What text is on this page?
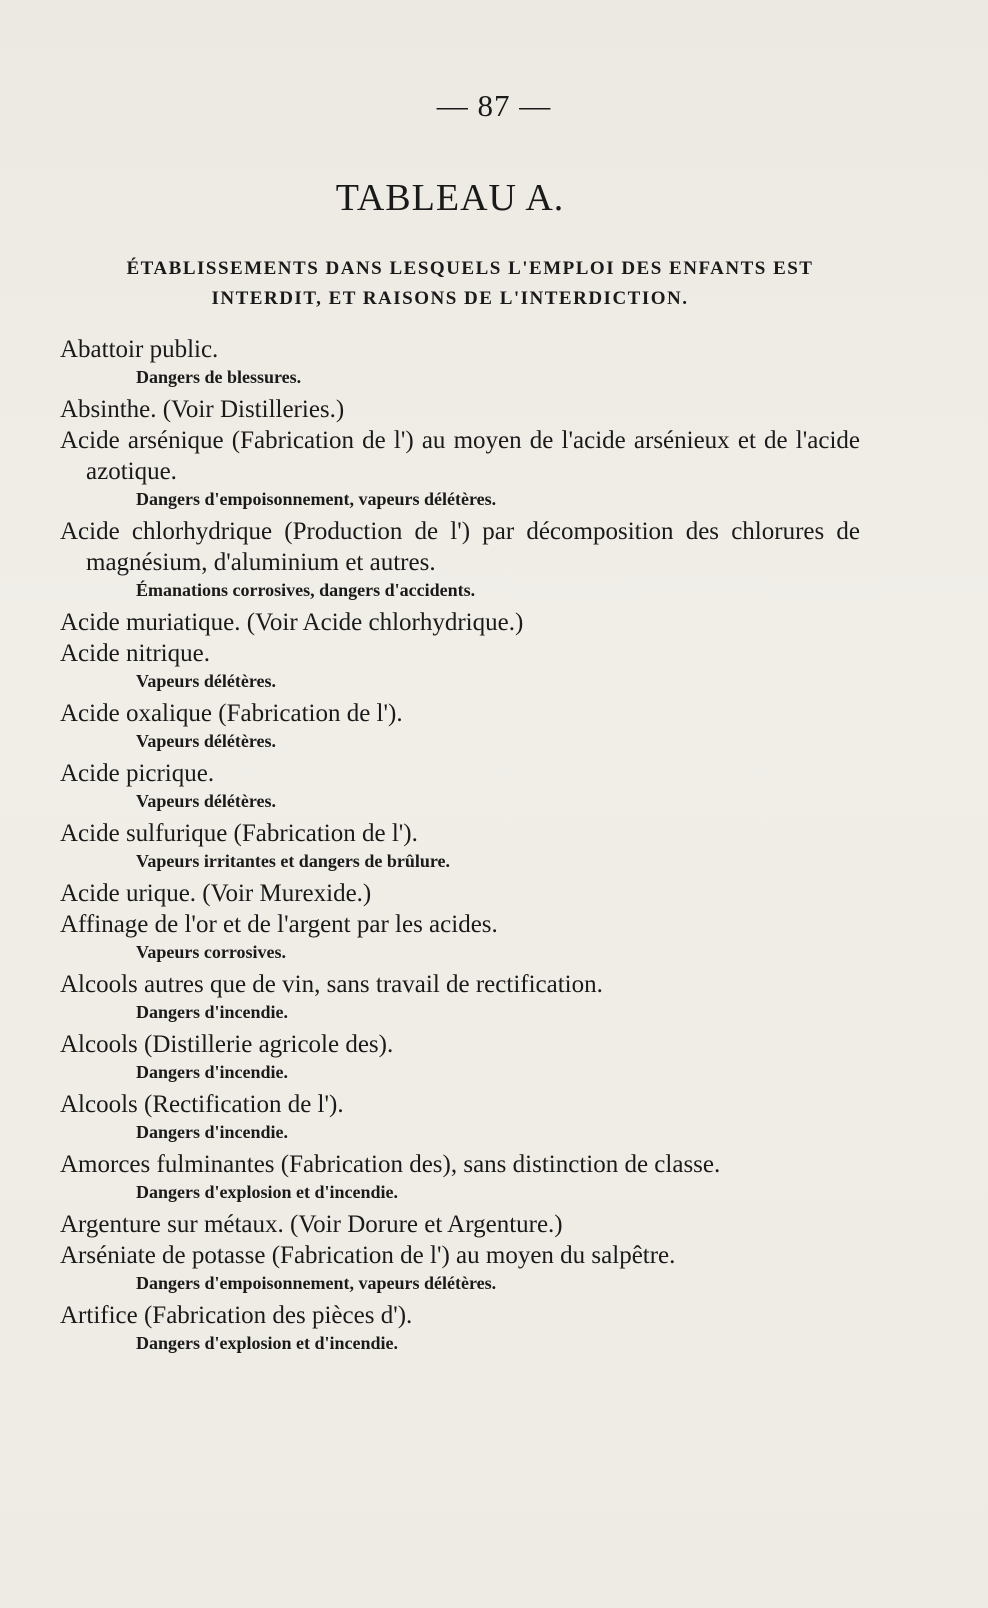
— 87 —
TABLEAU A.
ÉTABLISSEMENTS DANS LESQUELS L'EMPLOI DES ENFANTS EST
INTERDIT, ET RAISONS DE L'INTERDICTION.
Abattoir public.
Dangers de blessures.
Absinthe. (Voir Distilleries.)
Acide arsénique (Fabrication de l') au moyen de l'acide arsénieux et de l'acide azotique.
Dangers d'empoisonnement, vapeurs délétères.
Acide chlorhydrique (Production de l') par décomposition des chlorures de magnésium, d'aluminium et autres.
Émanations corrosives, dangers d'accidents.
Acide muriatique. (Voir Acide chlorhydrique.)
Acide nitrique.
Vapeurs délétères.
Acide oxalique (Fabrication de l').
Vapeurs délétères.
Acide picrique.
Vapeurs délétères.
Acide sulfurique (Fabrication de l').
Vapeurs irritantes et dangers de brûlure.
Acide urique. (Voir Murexide.)
Affinage de l'or et de l'argent par les acides.
Vapeurs corrosives.
Alcools autres que de vin, sans travail de rectification.
Dangers d'incendie.
Alcools (Distillerie agricole des).
Dangers d'incendie.
Alcools (Rectification de l').
Dangers d'incendie.
Amorces fulminantes (Fabrication des), sans distinction de classe.
Dangers d'explosion et d'incendie.
Argenture sur métaux. (Voir Dorure et Argenture.)
Arséniate de potasse (Fabrication de l') au moyen du salpêtre.
Dangers d'empoisonnement, vapeurs délétères.
Artifice (Fabrication des pièces d').
Dangers d'explosion et d'incendie.
